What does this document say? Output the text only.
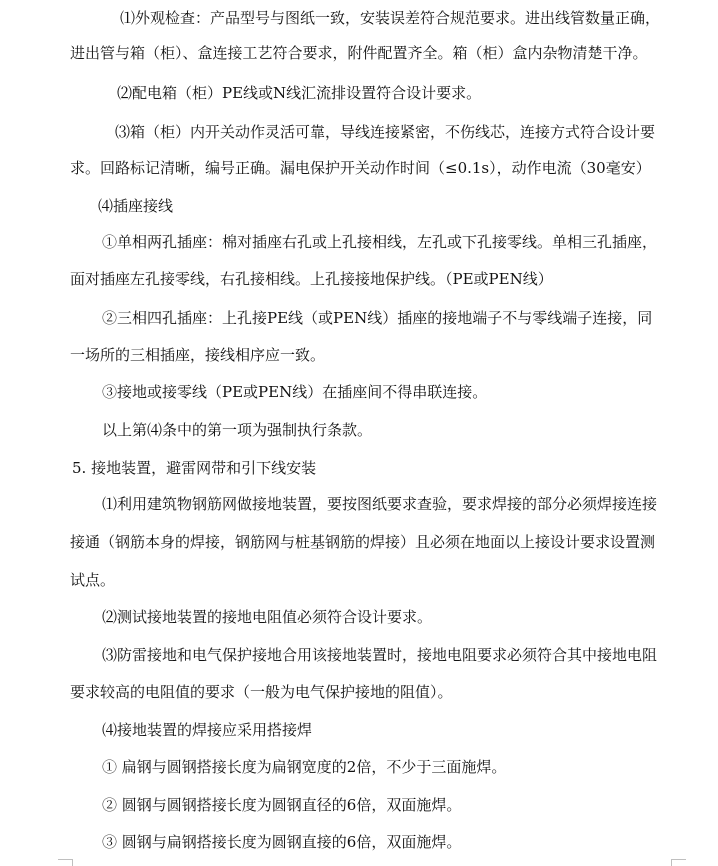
⑴外观检查：产品型号与图纸一致，安装误差符合规范要求。进出线管数量正确，
进出管与箱（柜）、盒连接工艺符合要求，附件配置齐全。箱（柜）盒内杂物清楚干净。
⑵配电箱（柜）PE线或N线汇流排设置符合设计要求。
⑶箱（柜）内开关动作灵活可靠，导线连接紧密，不伤线芯，连接方式符合设计要
求。回路标记清晰，编号正确。漏电保护开关动作时间（≤0.1s），动作电流（30毫安）
⑷插座接线
①单相两孔插座：棉对插座右孔或上孔接相线，左孔或下孔接零线。单相三孔插座，
面对插座左孔接零线，右孔接相线。上孔接接地保护线。（PE或PEN线）
②三相四孔插座：上孔接PE线（或PEN线）插座的接地端子不与零线端子连接，同
一场所的三相插座，接线相序应一致。
③接地或接零线（PE或PEN线）在插座间不得串联连接。
以上第⑷条中的第一项为强制执行条款。
5. 接地装置，避雷网带和引下线安装
⑴利用建筑物钢筋网做接地装置，要按图纸要求查验，要求焊接的部分必须焊接连接
接通（钢筋本身的焊接，钢筋网与桩基钢筋的焊接）且必须在地面以上接设计要求设置测
试点。
⑵测试接地装置的接地电阻值必须符合设计要求。
⑶防雷接地和电气保护接地合用该接地装置时，接地电阻要求必须符合其中接地电阻
要求较高的电阻值的要求（一般为电气保护接地的阻值）。
⑷接地装置的焊接应采用搭接焊
① 扁钢与圆钢搭接长度为扁钢宽度的2倍，不少于三面施焊。
② 圆钢与圆钢搭接长度为圆钢直径的6倍，双面施焊。
③ 圆钢与扁钢搭接长度为圆钢直接的6倍，双面施焊。
